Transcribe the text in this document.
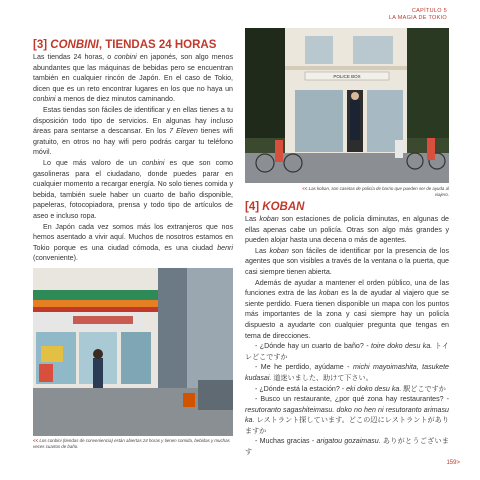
CAPÍTULO 5
LA MAGIA DE TOKIO
[3] CONBINI, TIENDAS 24 HORAS

Las tiendas 24 horas, o conbini en japonés, son algo menos abundantes que las máquinas de bebidas pero se encuentran también en cualquier rincón de Japón. En el caso de Tokio, dicen que es un reto encontrar lugares en los que no haya un conbini a menos de diez minutos caminando.

Estas tiendas son fáciles de identificar y en ellas tienes a tu disposición todo tipo de servicios. En algunas hay incluso áreas para sentarse a descansar. En los 7 Eleven tienes wifi gratuito, en otros no hay wifi pero podrás cargar tu teléfono móvil.

Lo que más valoro de un conbini es que son como gasolineras para el ciudadano, donde puedes parar en cualquier momento a recargar energía. No solo tienes comida y bebida, también suele haber un cuarto de baño disponible, papeleras, fotocopiadora, prensa y todo tipo de artículos de aseo e incluso ropa.

En Japón cada vez somos más los extranjeros que nos hemos asentado a vivir aquí. Muchos de nosotros estamos en Tokio porque es una ciudad cómoda, es una ciudad benri (conveniente).

<< Los conbini (tiendas de conveniencia) están abiertas 24 horas y tienen comida, bebidas y muchas veces cuartos de baño.
POLICE BOX
<< Las koban, son casetas de policía de barrio que pueden ser de ayuda al viajero.
[4] KOBAN

Las koban son estaciones de policía diminutas, en algunas de ellas apenas cabe un policía. Otras son algo más grandes y pueden alojar hasta una decena o más de agentes.

Las koban son fáciles de identificar por la presencia de los agentes que son visibles a través de la ventana o la puerta, que casi siempre tienen abierta.

Además de ayudar a mantener el orden público, una de las funciones extra de las koban es la de ayudar al viajero que se siente perdido. Fuera tienen disponible un mapa con los puntos más importantes de la zona y casi siempre hay un policía dispuesto a ayudarte con cualquier pregunta que tengas en tema de direcciones.

- ¿Dónde hay un cuarto de baño? - toire doko desu ka. トイレどこですか

- Me he perdido, ayúdame - michi mayoimashita, tasukete kudasai. 道迷いました、助けて下さい。

- ¿Dónde está la estación? - eki doko desu ka. 駅どこですか

- Busco un restaurante, ¿por qué zona hay restaurantes? - resutoranto sagashiteimasu. doko no hen ni resutoranto arimasu ka. レストラント探しています。どこの辺にレストラントがありますか

- Muchas gracias - arigatou gozaimasu. ありがとうございます

159>
